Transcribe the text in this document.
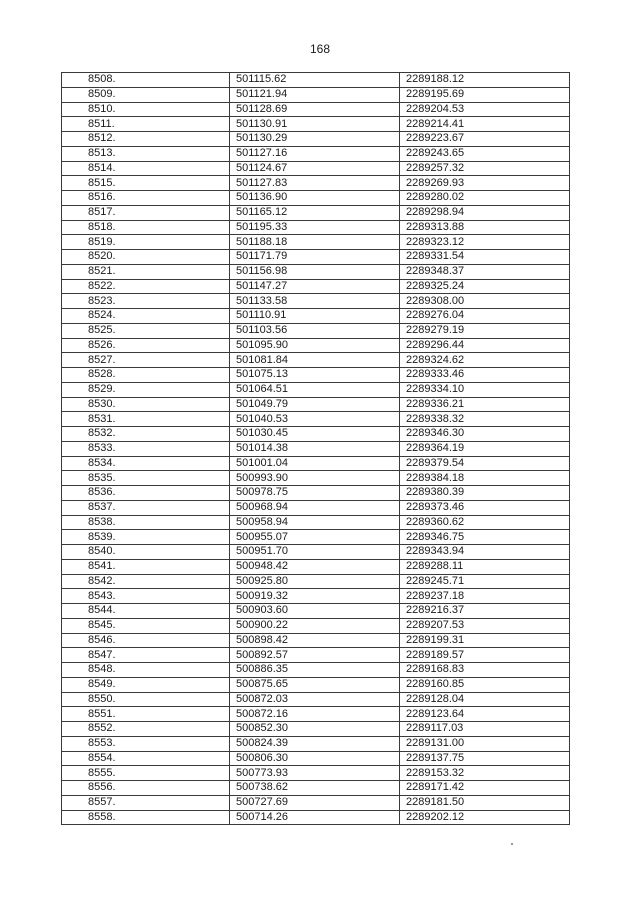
168
8508.	501115.62	2289188.12
8509.	501121.94	2289195.69
8510.	501128.69	2289204.53
8511.	501130.91	2289214.41
8512.	501130.29	2289223.67
8513.	501127.16	2289243.65
8514.	501124.67	2289257.32
8515.	501127.83	2289269.93
8516.	501136.90	2289280.02
8517.	501165.12	2289298.94
8518.	501195.33	2289313.88
8519.	501188.18	2289323.12
8520.	501171.79	2289331.54
8521.	501156.98	2289348.37
8522.	501147.27	2289325.24
8523.	501133.58	2289308.00
8524.	501110.91	2289276.04
8525.	501103.56	2289279.19
8526.	501095.90	2289296.44
8527.	501081.84	2289324.62
8528.	501075.13	2289333.46
8529.	501064.51	2289334.10
8530.	501049.79	2289336.21
8531.	501040.53	2289338.32
8532.	501030.45	2289346.30
8533.	501014.38	2289364.19
8534.	501001.04	2289379.54
8535.	500993.90	2289384.18
8536.	500978.75	2289380.39
8537.	500968.94	2289373.46
8538.	500958.94	2289360.62
8539.	500955.07	2289346.75
8540.	500951.70	2289343.94
8541.	500948.42	2289288.11
8542.	500925.80	2289245.71
8543.	500919.32	2289237.18
8544.	500903.60	2289216.37
8545.	500900.22	2289207.53
8546.	500898.42	2289199.31
8547.	500892.57	2289189.57
8548.	500886.35	2289168.83
8549.	500875.65	2289160.85
8550.	500872.03	2289128.04
8551.	500872.16	2289123.64
8552.	500852.30	2289117.03
8553.	500824.39	2289131.00
8554.	500806.30	2289137.75
8555.	500773.93	2289153.32
8556.	500738.62	2289171.42
8557.	500727.69	2289181.50
8558.	500714.26	2289202.12
